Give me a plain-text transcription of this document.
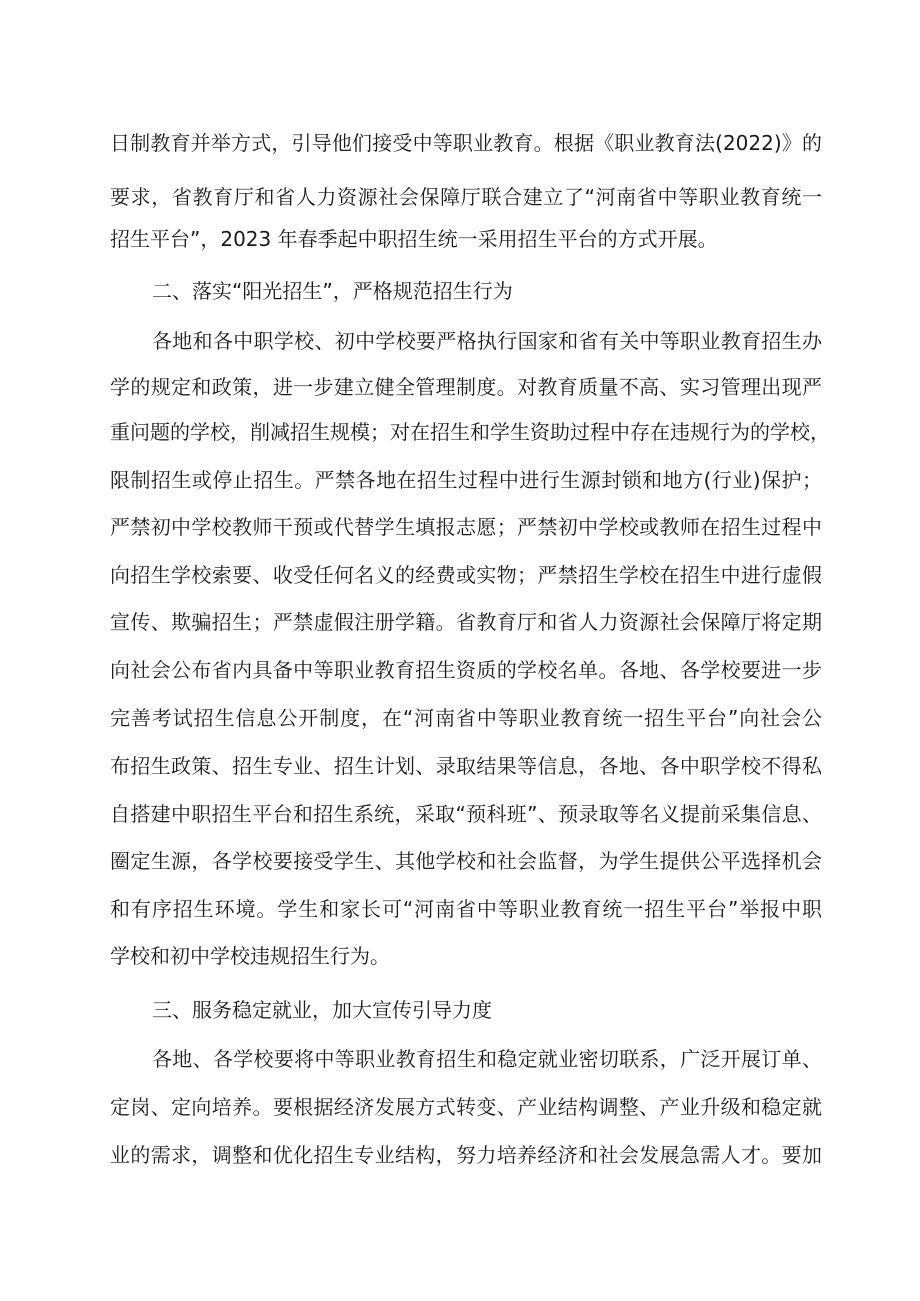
日制教育并举方式，引导他们接受中等职业教育。根据《职业教育法(2022)》的
要求，省教育厅和省人力资源社会保障厅联合建立了“河南省中等职业教育统一
招生平台”，2023 年春季起中职招生统一采用招生平台的方式开展。
二、落实“阳光招生”，严格规范招生行为
各地和各中职学校、初中学校要严格执行国家和省有关中等职业教育招生办
学的规定和政策，进一步建立健全管理制度。对教育质量不高、实习管理出现严
重问题的学校，削减招生规模；对在招生和学生资助过程中存在违规行为的学校，
限制招生或停止招生。严禁各地在招生过程中进行生源封锁和地方(行业)保护；
严禁初中学校教师干预或代替学生填报志愿；严禁初中学校或教师在招生过程中
向招生学校索要、收受任何名义的经费或实物；严禁招生学校在招生中进行虚假
宣传、欺骗招生；严禁虚假注册学籍。省教育厅和省人力资源社会保障厅将定期
向社会公布省内具备中等职业教育招生资质的学校名单。各地、各学校要进一步
完善考试招生信息公开制度，在“河南省中等职业教育统一招生平台”向社会公
布招生政策、招生专业、招生计划、录取结果等信息，各地、各中职学校不得私
自搭建中职招生平台和招生系统，采取“预科班”、预录取等名义提前采集信息、
圈定生源，各学校要接受学生、其他学校和社会监督，为学生提供公平选择机会
和有序招生环境。学生和家长可“河南省中等职业教育统一招生平台”举报中职
学校和初中学校违规招生行为。
三、服务稳定就业，加大宣传引导力度
各地、各学校要将中等职业教育招生和稳定就业密切联系，广泛开展订单、
定岗、定向培养。要根据经济发展方式转变、产业结构调整、产业升级和稳定就
业的需求，调整和优化招生专业结构，努力培养经济和社会发展急需人才。要加
